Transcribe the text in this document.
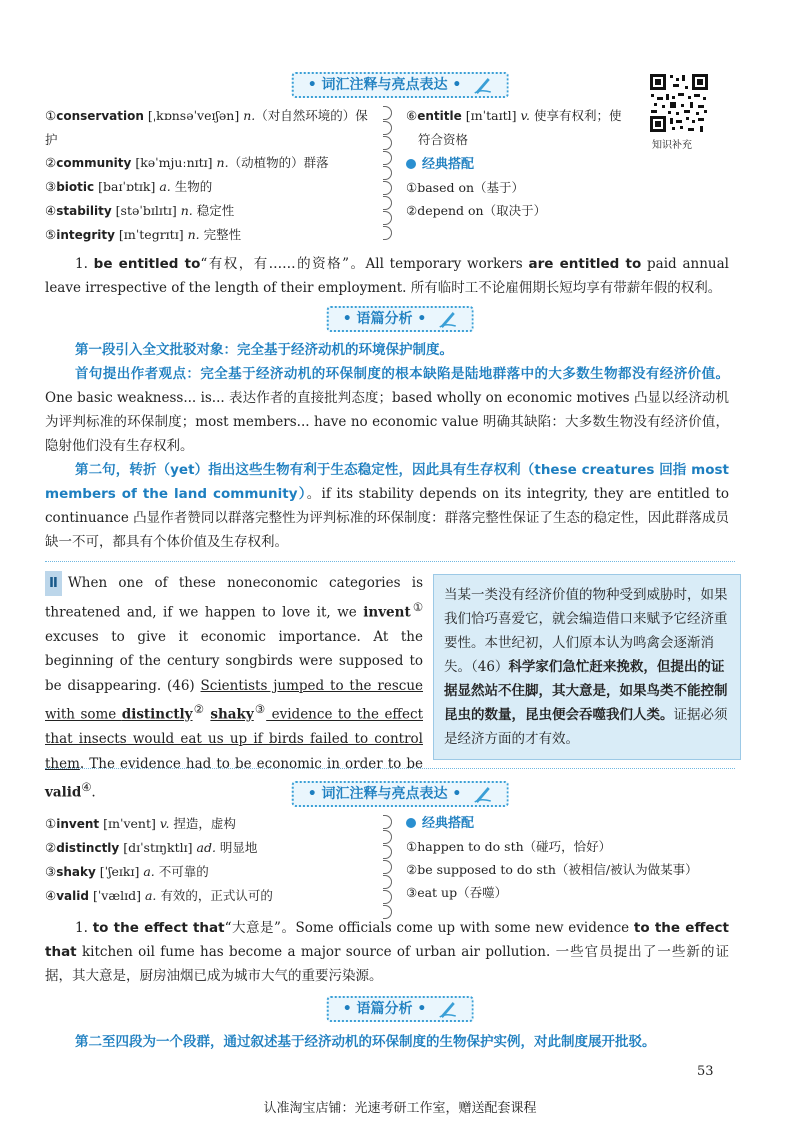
• 词汇注释与亮点表达 •
知识补充
①conservation [ˌkɒnsəˈveɪʃən] n.（对自然环境的）保护
②community [kəˈmjuːnɪtɪ] n.（动植物的）群落
③biotic [baɪˈɒtɪk] a. 生物的
④stability [stəˈbɪlɪtɪ] n. 稳定性
⑤integrity [ɪnˈtegrɪtɪ] n. 完整性
⑥entitle [ɪnˈtaɪtl] v. 使享有权利；使
符合资格
经典搭配
①based on（基于）
②depend on（取决于）
1. be entitled to“有权，有……的资格”。All temporary workers are entitled to paid annual leave irrespective of the length of their employment. 所有临时工不论雇佣期长短均享有带薪年假的权利。
• 语篇分析 •
第一段引入全文批驳对象：完全基于经济动机的环境保护制度。
首句提出作者观点：完全基于经济动机的环保制度的根本缺陷是陆地群落中的大多数生物都没有经济价值。One basic weakness... is... 表达作者的直接批判态度；based wholly on economic motives 凸显以经济动机为评判标准的环保制度；most members... have no economic value 明确其缺陷：大多数生物没有经济价值，隐射他们没有生存权利。
第二句，转折（yet）指出这些生物有利于生态稳定性，因此具有生存权利（these creatures 回指 most members of the land community）。if its stability depends on its integrity, they are entitled to continuance 凸显作者赞同以群落完整性为评判标准的环保制度：群落完整性保证了生态的稳定性，因此群落成员缺一不可，都具有个体价值及生存权利。
Ⅱ When one of these noneconomic categories is threatened and, if we happen to love it, we invent① excuses to give it economic importance. At the beginning of the century songbirds were supposed to be disappearing. (46) Scientists jumped to the rescue with some distinctly② shaky③ evidence to the effect that insects would eat us up if birds failed to control them. The evidence had to be economic in order to be valid④.
当某一类没有经济价值的物种受到威胁时，如果我们恰巧喜爱它，就会编造借口来赋予它经济重要性。本世纪初，人们原本认为鸣禽会逐渐消失。（46）科学家们急忙赶来挽救，但提出的证据显然站不住脚，其大意是，如果鸟类不能控制昆虫的数量，昆虫便会吞噬我们人类。证据必须是经济方面的才有效。
• 词汇注释与亮点表达 •
①invent [ɪnˈvent] v. 捏造，虚构
②distinctly [dɪˈstɪŋktlɪ] ad. 明显地
③shaky [ˈʃeɪkɪ] a. 不可靠的
④valid [ˈvælɪd] a. 有效的，正式认可的
经典搭配
①happen to do sth（碰巧，恰好）
②be supposed to do sth（被相信/被认为做某事）
③eat up（吞噬）
1. to the effect that“大意是”。Some officials come up with some new evidence to the effect that kitchen oil fume has become a major source of urban air pollution. 一些官员提出了一些新的证据，其大意是，厨房油烟已成为城市大气的重要污染源。
• 语篇分析 •
第二至四段为一个段群，通过叙述基于经济动机的环保制度的生物保护实例，对此制度展开批驳。
53
认准淘宝店铺：光速考研工作室，赠送配套课程
